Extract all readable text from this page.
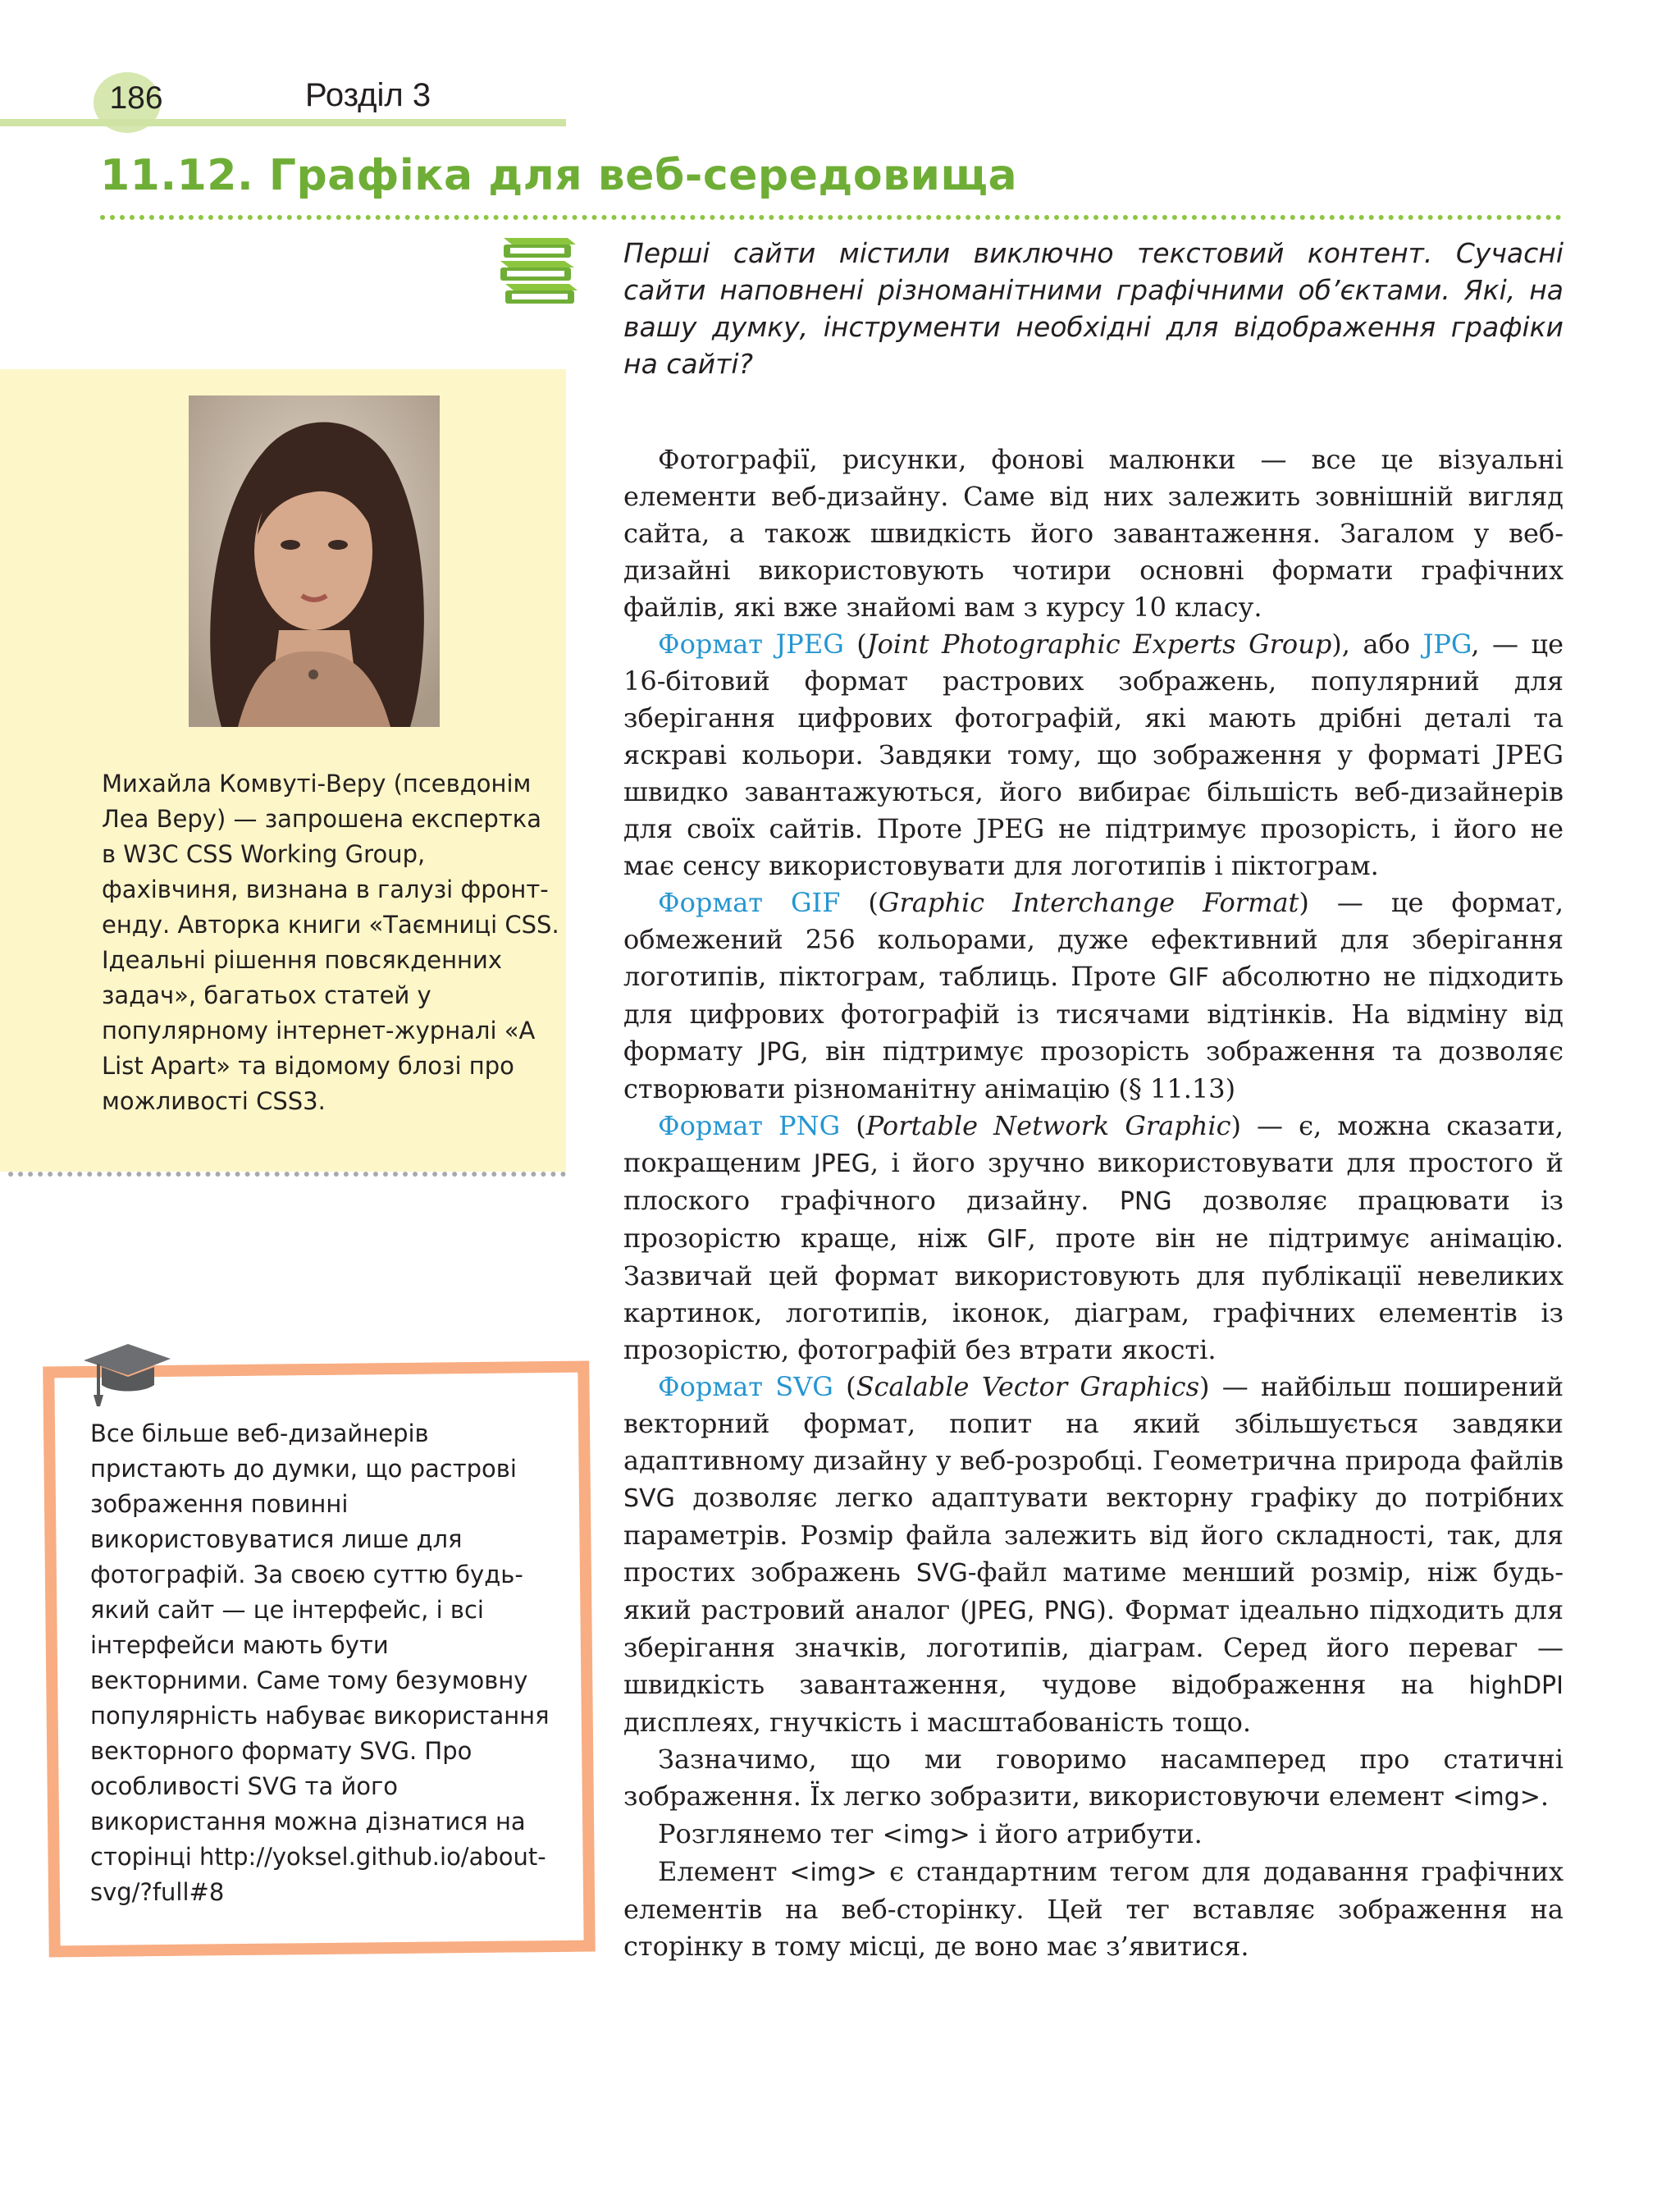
186	Розділ 3
11.12. Графіка для веб-середовища
Перші сайти містили виключно текстовий контент. Сучасні сайти наповнені різноманітними графічними об’єктами. Які, на вашу думку, інструменти необхідні для відображення графіки на сайті?
Михайла Комвуті-Веру (псевдонім Леа Веру) — запрошена експертка в W3C CSS Working Group, фахівчиня, визнана в галузі фронт-енду. Авторка книги «Таємниці CSS. Ідеальні рішення повсякденних задач», багатьох статей у популярному інтернет-журналі «A List Apart» та відомому блозі про можливості CSS3.
Все більше веб-дизайнерів пристають до думки, що растрові зображення повинні використовуватися лише для фотографій. За своєю суттю будь-який сайт — це інтерфейс, і всі інтерфейси мають бути векторними. Саме тому безумовну популярність набуває використання векторного формату SVG. Про особливості SVG та його використання можна дізнатися на сторінці http://yoksel.github.io/about-svg/?full#8

Фотографії, рисунки, фонові малюнки — все це візуальні елементи веб-дизайну. Саме від них залежить зовнішній вигляд сайта, а також швидкість його завантаження. Загалом у веб-дизайні використовують чотири основні формати графічних файлів, які вже знайомі вам з курсу 10 класу.

Формат JPEG (Joint Photographic Experts Group), або JPG, — це 16-бітовий формат растрових зображень, популярний для зберігання цифрових фотографій, які мають дрібні деталі та яскраві кольори. Завдяки тому, що зображення у форматі JPEG швидко завантажуються, його вибирає більшість веб-дизайнерів для своїх сайтів. Проте JPEG не підтримує прозорість, і його не має сенсу використовувати для логотипів і піктограм.

Формат GIF (Graphic Interchange Format) — це формат, обмежений 256 кольорами, дуже ефективний для зберігання логотипів, піктограм, таблиць. Проте GIF абсолютно не підходить для цифрових фотографій із тисячами відтінків. На відміну від формату JPG, він підтримує прозорість зображення та дозволяє створювати різноманітну анімацію (§ 11.13)

Формат PNG (Portable Network Graphic) — є, можна сказати, покращеним JPEG, і його зручно використовувати для простого й плоского графічного дизайну. PNG дозволяє працювати із прозорістю краще, ніж GIF, проте він не підтримує анімацію. Зазвичай цей формат використовують для публікації невеликих картинок, логотипів, іконок, діаграм, графічних елементів із прозорістю, фотографій без втрати якості.

Формат SVG (Scalable Vector Graphics) — найбільш поширений векторний формат, попит на який збільшується завдяки адаптивному дизайну у веб-розробці. Геометрична природа файлів SVG дозволяє легко адаптувати векторну графіку до потрібних параметрів. Розмір файла залежить від його складності, так, для простих зображень SVG-файл матиме менший розмір, ніж будь-який растровий аналог (JPEG, PNG). Формат ідеально підходить для зберігання значків, логотипів, діаграм. Серед його переваг — швидкість завантаження, чудове відображення на highDPI дисплеях, гнучкість і масштабованість тощо.

Зазначимо, що ми говоримо насамперед про статичні зображення. Їх легко зобразити, використовуючи елемент <img>.

Розглянемо тег <img> і його атрибути.

Елемент <img> є стандартним тегом для додавання графічних елементів на веб-сторінку. Цей тег вставляє зображення на сторінку в тому місці, де воно має з’явитися.
